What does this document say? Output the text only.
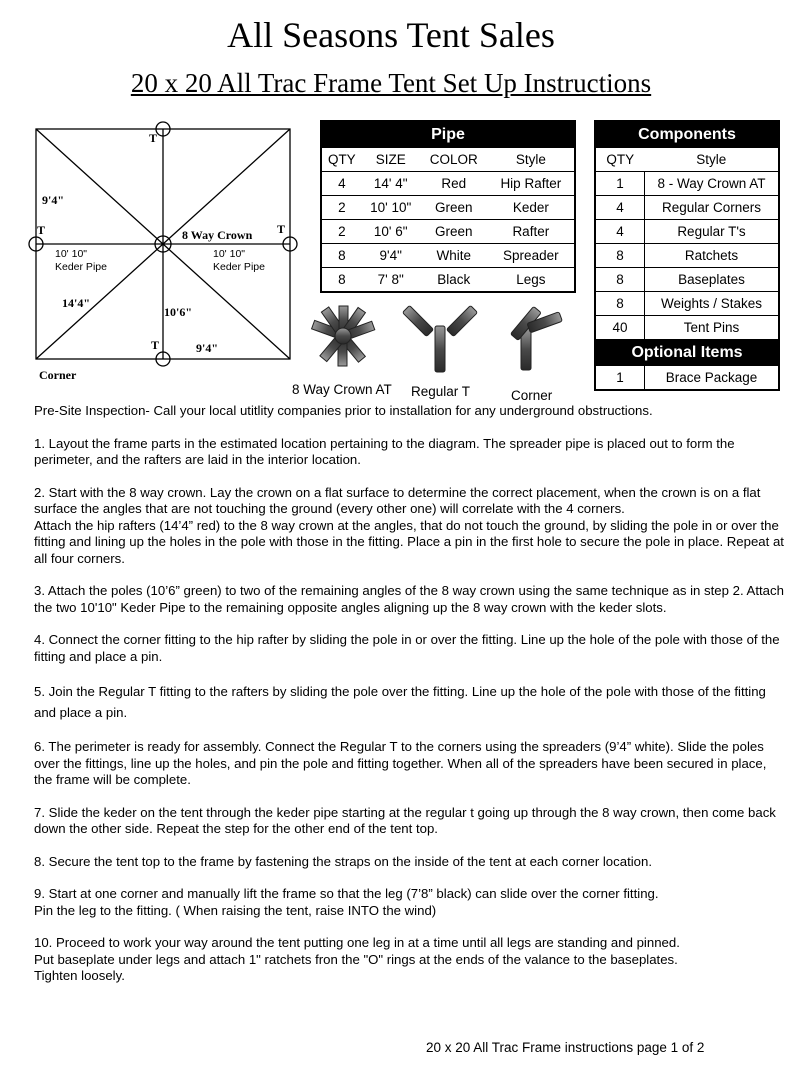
All Seasons Tent Sales
20 x 20 All Trac Frame Tent Set Up Instructions
T
T	T
T
8 Way Crown
9'4"
14'4"
10'6"
9'4"
Corner
10' 10"
Keder Pipe
10' 10"
Keder Pipe
Pipe			
QTY	SIZE	COLOR	Style
4	14' 4"	Red	Hip Rafter
2	10' 10"	Green	Keder
2	10' 6"	Green	Rafter
8	9'4"	White	Spreader
8	7' 8"	Black	Legs
Components	
QTY	Style
1	8 - Way Crown AT
4	Regular Corners
4	Regular T's
8	Ratchets
8	Baseplates
8	Weights / Stakes
40	Tent Pins
Optional Items	
1	Brace Package
8 Way Crown AT Regular T	Corner

Pre-Site Inspection- Call your local utitlity companies prior to installation for any underground obstructions.

1. Layout the frame parts in the estimated location pertaining to the diagram. The spreader pipe is placed out to form the perimeter, and the rafters are laid in the interior location.

2. Start with the 8 way crown. Lay the crown on a flat surface to determine the correct placement, when the crown is on a flat surface the angles that are not touching the ground (every other one) will correlate with the 4 corners.

Attach the hip rafters (14’4” red) to the 8 way crown at the angles, that do not touch the ground, by sliding the pole in or over the fitting and lining up the holes in the pole with those in the fitting. Place a pin in the first hole to secure the pole in place. Repeat at all four corners.

3. Attach the poles (10’6” green) to two of the remaining angles of the 8 way crown using the same technique as in step 2. Attach the two 10'10" Keder Pipe to the remaining opposite angles aligning up the 8 way crown with the keder slots.

4. Connect the corner fitting to the hip rafter by sliding the pole in or over the fitting. Line up the hole of the pole with those of the fitting and place a pin.

5. Join the Regular T fitting to the rafters by sliding the pole over the fitting. Line up the hole of the pole with those of the fitting and place a pin.

6. The perimeter is ready for assembly. Connect the Regular T to the corners using the spreaders (9’4” white). Slide the poles over the fittings, line up the holes, and pin the pole and fitting together. When all of the spreaders have been secured in place, the frame will be complete.

7. Slide the keder on the tent through the keder pipe starting at the regular t going up through the 8 way crown, then come back down the other side. Repeat the step for the other end of the tent top.

8. Secure the tent top to the frame by fastening the straps on the inside of the tent at each corner location.

9. Start at one corner and manually lift the frame so that the leg (7’8” black) can slide over the corner fitting.
Pin the leg to the fitting. ( When raising the tent, raise INTO the wind)

10. Proceed to work your way around the tent putting one leg in at a time until all legs are standing and pinned.
Put baseplate under legs and attach 1" ratchets fron the "O" rings at the ends of the valance to the baseplates.
Tighten loosely.

20 x 20 All Trac Frame instructions page 1 of 2
